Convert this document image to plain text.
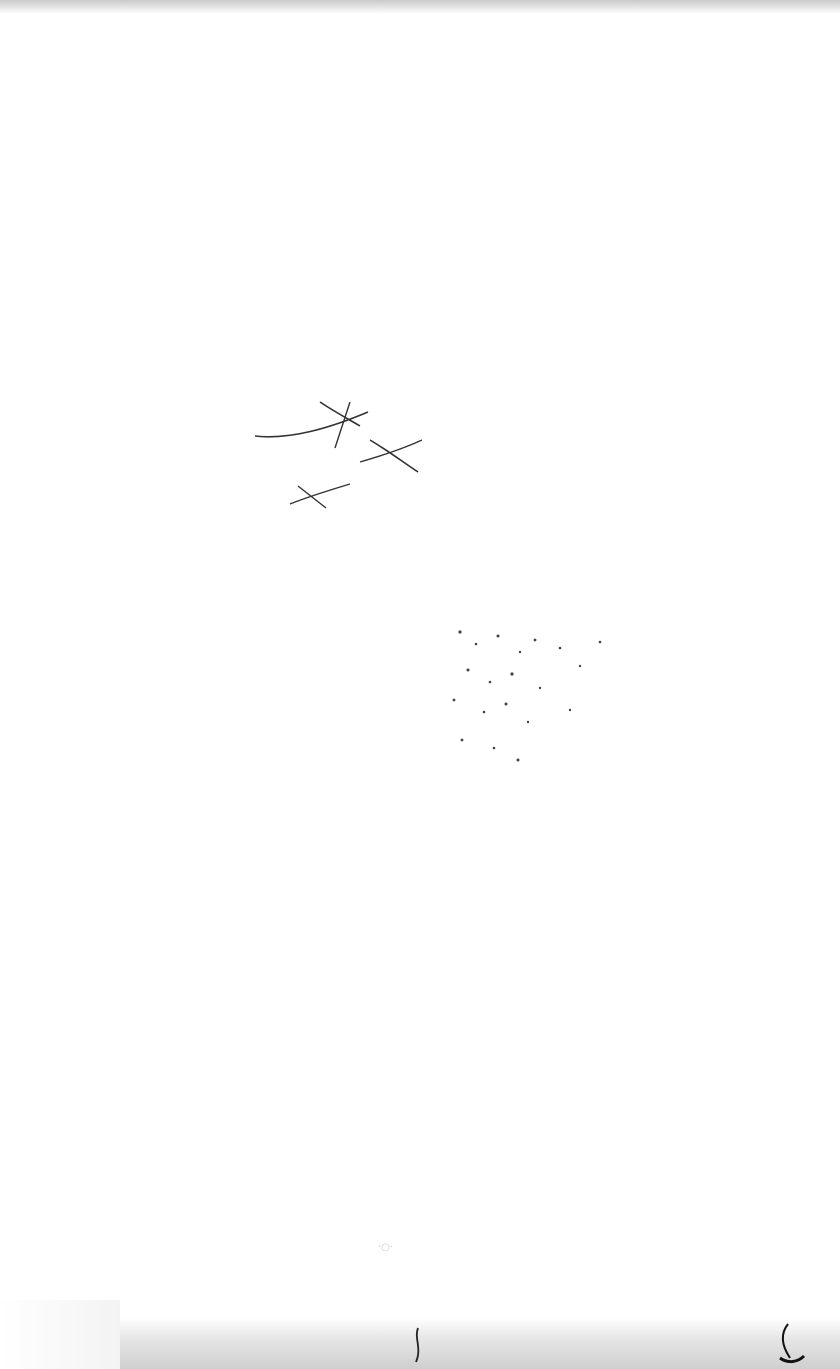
·○·
